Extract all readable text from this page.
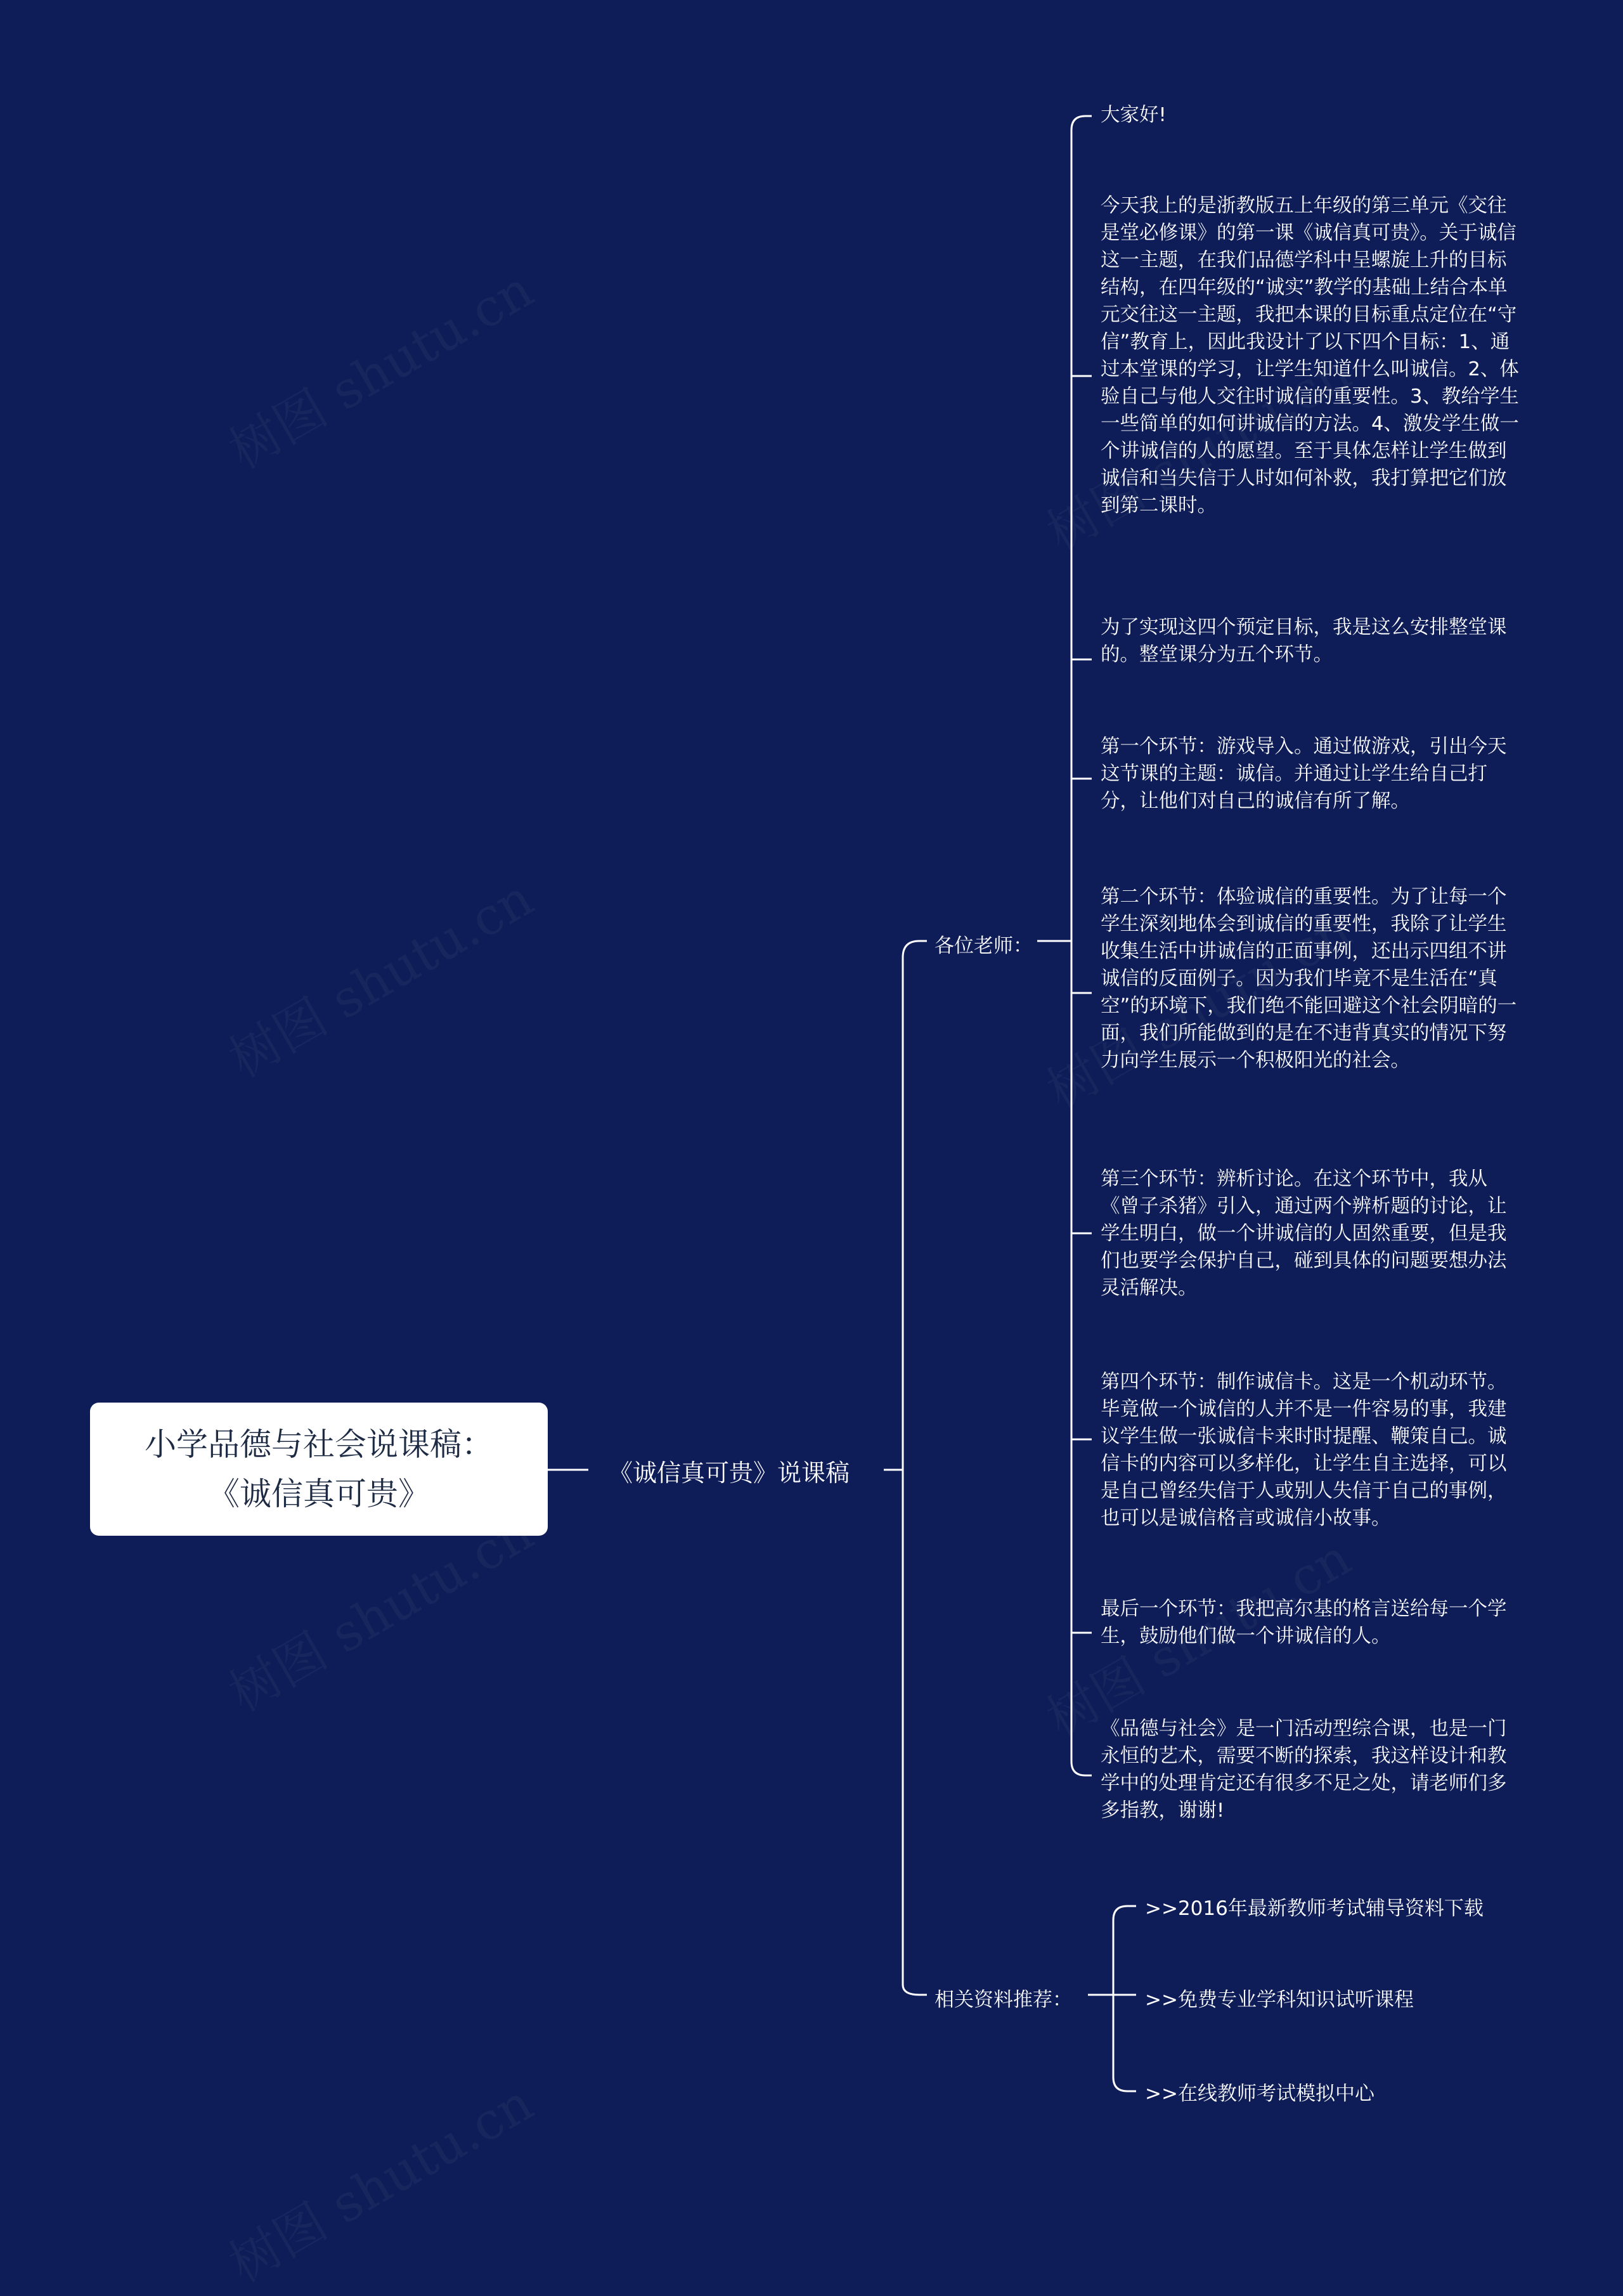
小学品德与社会说课稿：
《诚信真可贵》
《诚信真可贵》说课稿
各位老师：
相关资料推荐：
大家好!
今天我上的是浙教版五上年级的第三单元《交往是堂必修课》的第一课《诚信真可贵》。关于诚信这一主题，在我们品德学科中呈螺旋上升的目标结构，在四年级的“诚实”教学的基础上结合本单元交往这一主题，我把本课的目标重点定位在“守信”教育上，因此我设计了以下四个目标：1、通过本堂课的学习，让学生知道什么叫诚信。2、体验自己与他人交往时诚信的重要性。3、教给学生一些简单的如何讲诚信的方法。4、激发学生做一个讲诚信的人的愿望。至于具体怎样让学生做到诚信和当失信于人时如何补救，我打算把它们放到第二课时。
为了实现这四个预定目标，我是这么安排整堂课的。整堂课分为五个环节。
第一个环节：游戏导入。通过做游戏，引出今天这节课的主题：诚信。并通过让学生给自己打分，让他们对自己的诚信有所了解。
第二个环节：体验诚信的重要性。为了让每一个学生深刻地体会到诚信的重要性，我除了让学生收集生活中讲诚信的正面事例，还出示四组不讲诚信的反面例子。因为我们毕竟不是生活在“真空”的环境下，我们绝不能回避这个社会阴暗的一面，我们所能做到的是在不违背真实的情况下努力向学生展示一个积极阳光的社会。
第三个环节：辨析讨论。在这个环节中，我从《曾子杀猪》引入，通过两个辨析题的讨论，让学生明白，做一个讲诚信的人固然重要，但是我们也要学会保护自己，碰到具体的问题要想办法灵活解决。
第四个环节：制作诚信卡。这是一个机动环节。毕竟做一个诚信的人并不是一件容易的事，我建议学生做一张诚信卡来时时提醒、鞭策自己。诚信卡的内容可以多样化，让学生自主选择，可以是自己曾经失信于人或别人失信于自己的事例，也可以是诚信格言或诚信小故事。
最后一个环节：我把高尔基的格言送给每一个学生，鼓励他们做一个讲诚信的人。
《品德与社会》是一门活动型综合课，也是一门永恒的艺术，需要不断的探索，我这样设计和教学中的处理肯定还有很多不足之处，请老师们多多指教，谢谢!
>>2016年最新教师考试辅导资料下载
>>免费专业学科知识试听课程
>>在线教师考试模拟中心
